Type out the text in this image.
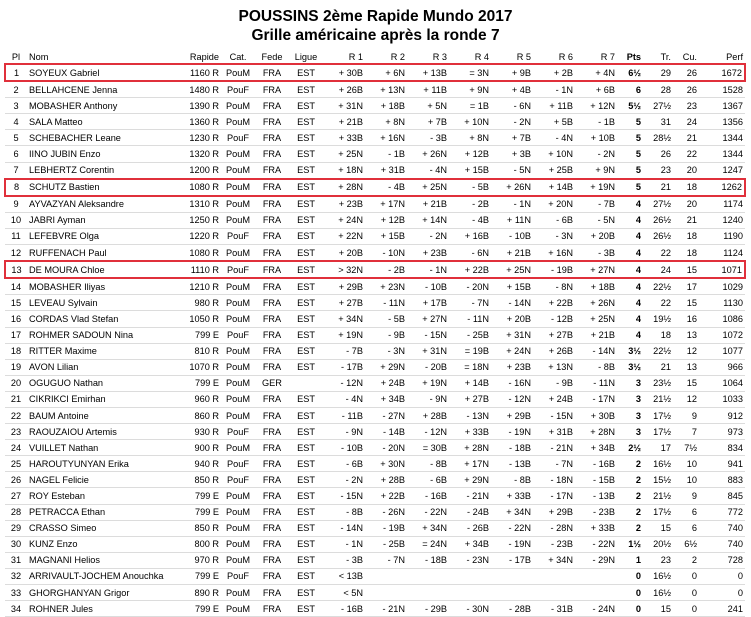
POUSSINS 2ème Rapide Mundo 2017
Grille américaine après la ronde 7
Pl	Nom	Rapide	Cat.	Fede	Ligue	R 1	R 2	R 3	R 4	R 5	R 6	R 7	Pts	Tr.	Cu.	Perf
1	SOYEUX Gabriel	1160 R	PouM	FRA	EST	+ 30B	+ 6N	+ 13B	= 3N	+ 9B	+ 2B	+ 4N	6½	29	26	1672
2	BELLAHCENE Jenna	1480 R	PouF	FRA	EST	+ 26B	+ 13N	+ 11B	+ 9N	+ 4B	- 1N	+ 6B	6	28	26	1528
3	MOBASHER Anthony	1390 R	PouM	FRA	EST	+ 31N	+ 18B	+ 5N	= 1B	- 6N	+ 11B	+ 12N	5½	27½	23	1367
4	SALA Matteo	1360 R	PouM	FRA	EST	+ 21B	+ 8N	+ 7B	+ 10N	- 2N	+ 5B	- 1B	5	31	24	1356
5	SCHEBACHER Leane	1230 R	PouF	FRA	EST	+ 33B	+ 16N	- 3B	+ 8N	+ 7B	- 4N	+ 10B	5	28½	21	1344
6	IINO JUBIN Enzo	1320 R	PouM	FRA	EST	+ 25N	- 1B	+ 26N	+ 12B	+ 3B	+ 10N	- 2N	5	26	22	1344
7	LEBHERTZ Corentin	1200 R	PouM	FRA	EST	+ 18N	+ 31B	- 4N	+ 15B	- 5N	+ 25B	+ 9N	5	23	20	1247
8	SCHUTZ Bastien	1080 R	PouM	FRA	EST	+ 28N	- 4B	+ 25N	- 5B	+ 26N	+ 14B	+ 19N	5	21	18	1262
9	AYVAZYAN Aleksandre	1310 R	PouM	FRA	EST	+ 23B	+ 17N	+ 21B	- 2B	- 1N	+ 20N	- 7B	4	27½	20	1174
10	JABRI Ayman	1250 R	PouM	FRA	EST	+ 24N	+ 12B	+ 14N	- 4B	+ 11N	- 6B	- 5N	4	26½	21	1240
11	LEFEBVRE Olga	1220 R	PouF	FRA	EST	+ 22N	+ 15B	- 2N	+ 16B	- 10B	- 3N	+ 20B	4	26½	18	1190
12	RUFFENACH Paul	1080 R	PouM	FRA	EST	+ 20B	- 10N	+ 23B	- 6N	+ 21B	+ 16N	- 3B	4	22	18	1124
13	DE MOURA Chloe	1110 R	PouF	FRA	EST	> 32N	- 2B	- 1N	+ 22B	+ 25N	- 19B	+ 27N	4	24	15	1071
14	MOBASHER Iliyas	1210 R	PouM	FRA	EST	+ 29B	+ 23N	- 10B	- 20N	+ 15B	- 8N	+ 18B	4	22½	17	1029
15	LEVEAU Sylvain	980 R	PouM	FRA	EST	+ 27B	- 11N	+ 17B	- 7N	- 14N	+ 22B	+ 26N	4	22	15	1130
16	CORDAS Vlad Stefan	1050 R	PouM	FRA	EST	+ 34N	- 5B	+ 27N	- 11N	+ 20B	- 12B	+ 25N	4	19½	16	1086
17	ROHMER SADOUN Nina	799 E	PouF	FRA	EST	+ 19N	- 9B	- 15N	- 25B	+ 31N	+ 27B	+ 21B	4	18	13	1072
18	RITTER Maxime	810 R	PouM	FRA	EST	- 7B	- 3N	+ 31N	= 19B	+ 24N	+ 26B	- 14N	3½	22½	12	1077
19	AVON Lilian	1070 R	PouM	FRA	EST	- 17B	+ 29N	- 20B	= 18N	+ 23B	+ 13N	- 8B	3½	21	13	966
20	OGUGUO Nathan	799 E	PouM	GER		- 12N	+ 24B	+ 19N	+ 14B	- 16N	- 9B	- 11N	3	23½	15	1064
21	CIKRIKCI Emirhan	960 R	PouM	FRA	EST	- 4N	+ 34B	- 9N	+ 27B	- 12N	+ 24B	- 17N	3	21½	12	1033
22	BAUM Antoine	860 R	PouM	FRA	EST	- 11B	- 27N	+ 28B	- 13N	+ 29B	- 15N	+ 30B	3	17½	9	912
23	RAOUZAIOU Artemis	930 R	PouF	FRA	EST	- 9N	- 14B	- 12N	+ 33B	- 19N	+ 31B	+ 28N	3	17½	7	973
24	VUILLET Nathan	900 R	PouM	FRA	EST	- 10B	- 20N	= 30B	+ 28N	- 18B	- 21N	+ 34B	2½	17	7½	834
25	HAROUTYUNYAN Erika	940 R	PouF	FRA	EST	- 6B	+ 30N	- 8B	+ 17N	- 13B	- 7N	- 16B	2	16½	10	941
26	NAGEL Felicie	850 R	PouF	FRA	EST	- 2N	+ 28B	- 6B	+ 29N	- 8B	- 18N	- 15B	2	15½	10	883
27	ROY Esteban	799 E	PouM	FRA	EST	- 15N	+ 22B	- 16B	- 21N	+ 33B	- 17N	- 13B	2	21½	9	845
28	PETRACCA Ethan	799 E	PouM	FRA	EST	- 8B	- 26N	- 22N	- 24B	+ 34N	+ 29B	- 23B	2	17½	6	772
29	CRASSO Simeo	850 R	PouM	FRA	EST	- 14N	- 19B	+ 34N	- 26B	- 22N	- 28N	+ 33B	2	15	6	740
30	KUNZ Enzo	800 R	PouM	FRA	EST	- 1N	- 25B	= 24N	+ 34B	- 19N	- 23B	- 22N	1½	20½	6½	740
31	MAGNANI Helios	970 R	PouM	FRA	EST	- 3B	- 7N	- 18B	- 23N	- 17B	+ 34N	- 29N	1	23	2	728
32	ARRIVAULT-JOCHEM Anouchka	799 E	PouF	FRA	EST	< 13B							0	16½	0	0
33	GHORGHANYAN Grigor	890 R	PouM	FRA	EST	< 5N							0	16½	0	0
34	ROHNER Jules	799 E	PouM	FRA	EST	- 16B	- 21N	- 29B	- 30N	- 28B	- 31B	- 24N	0	15	0	241
